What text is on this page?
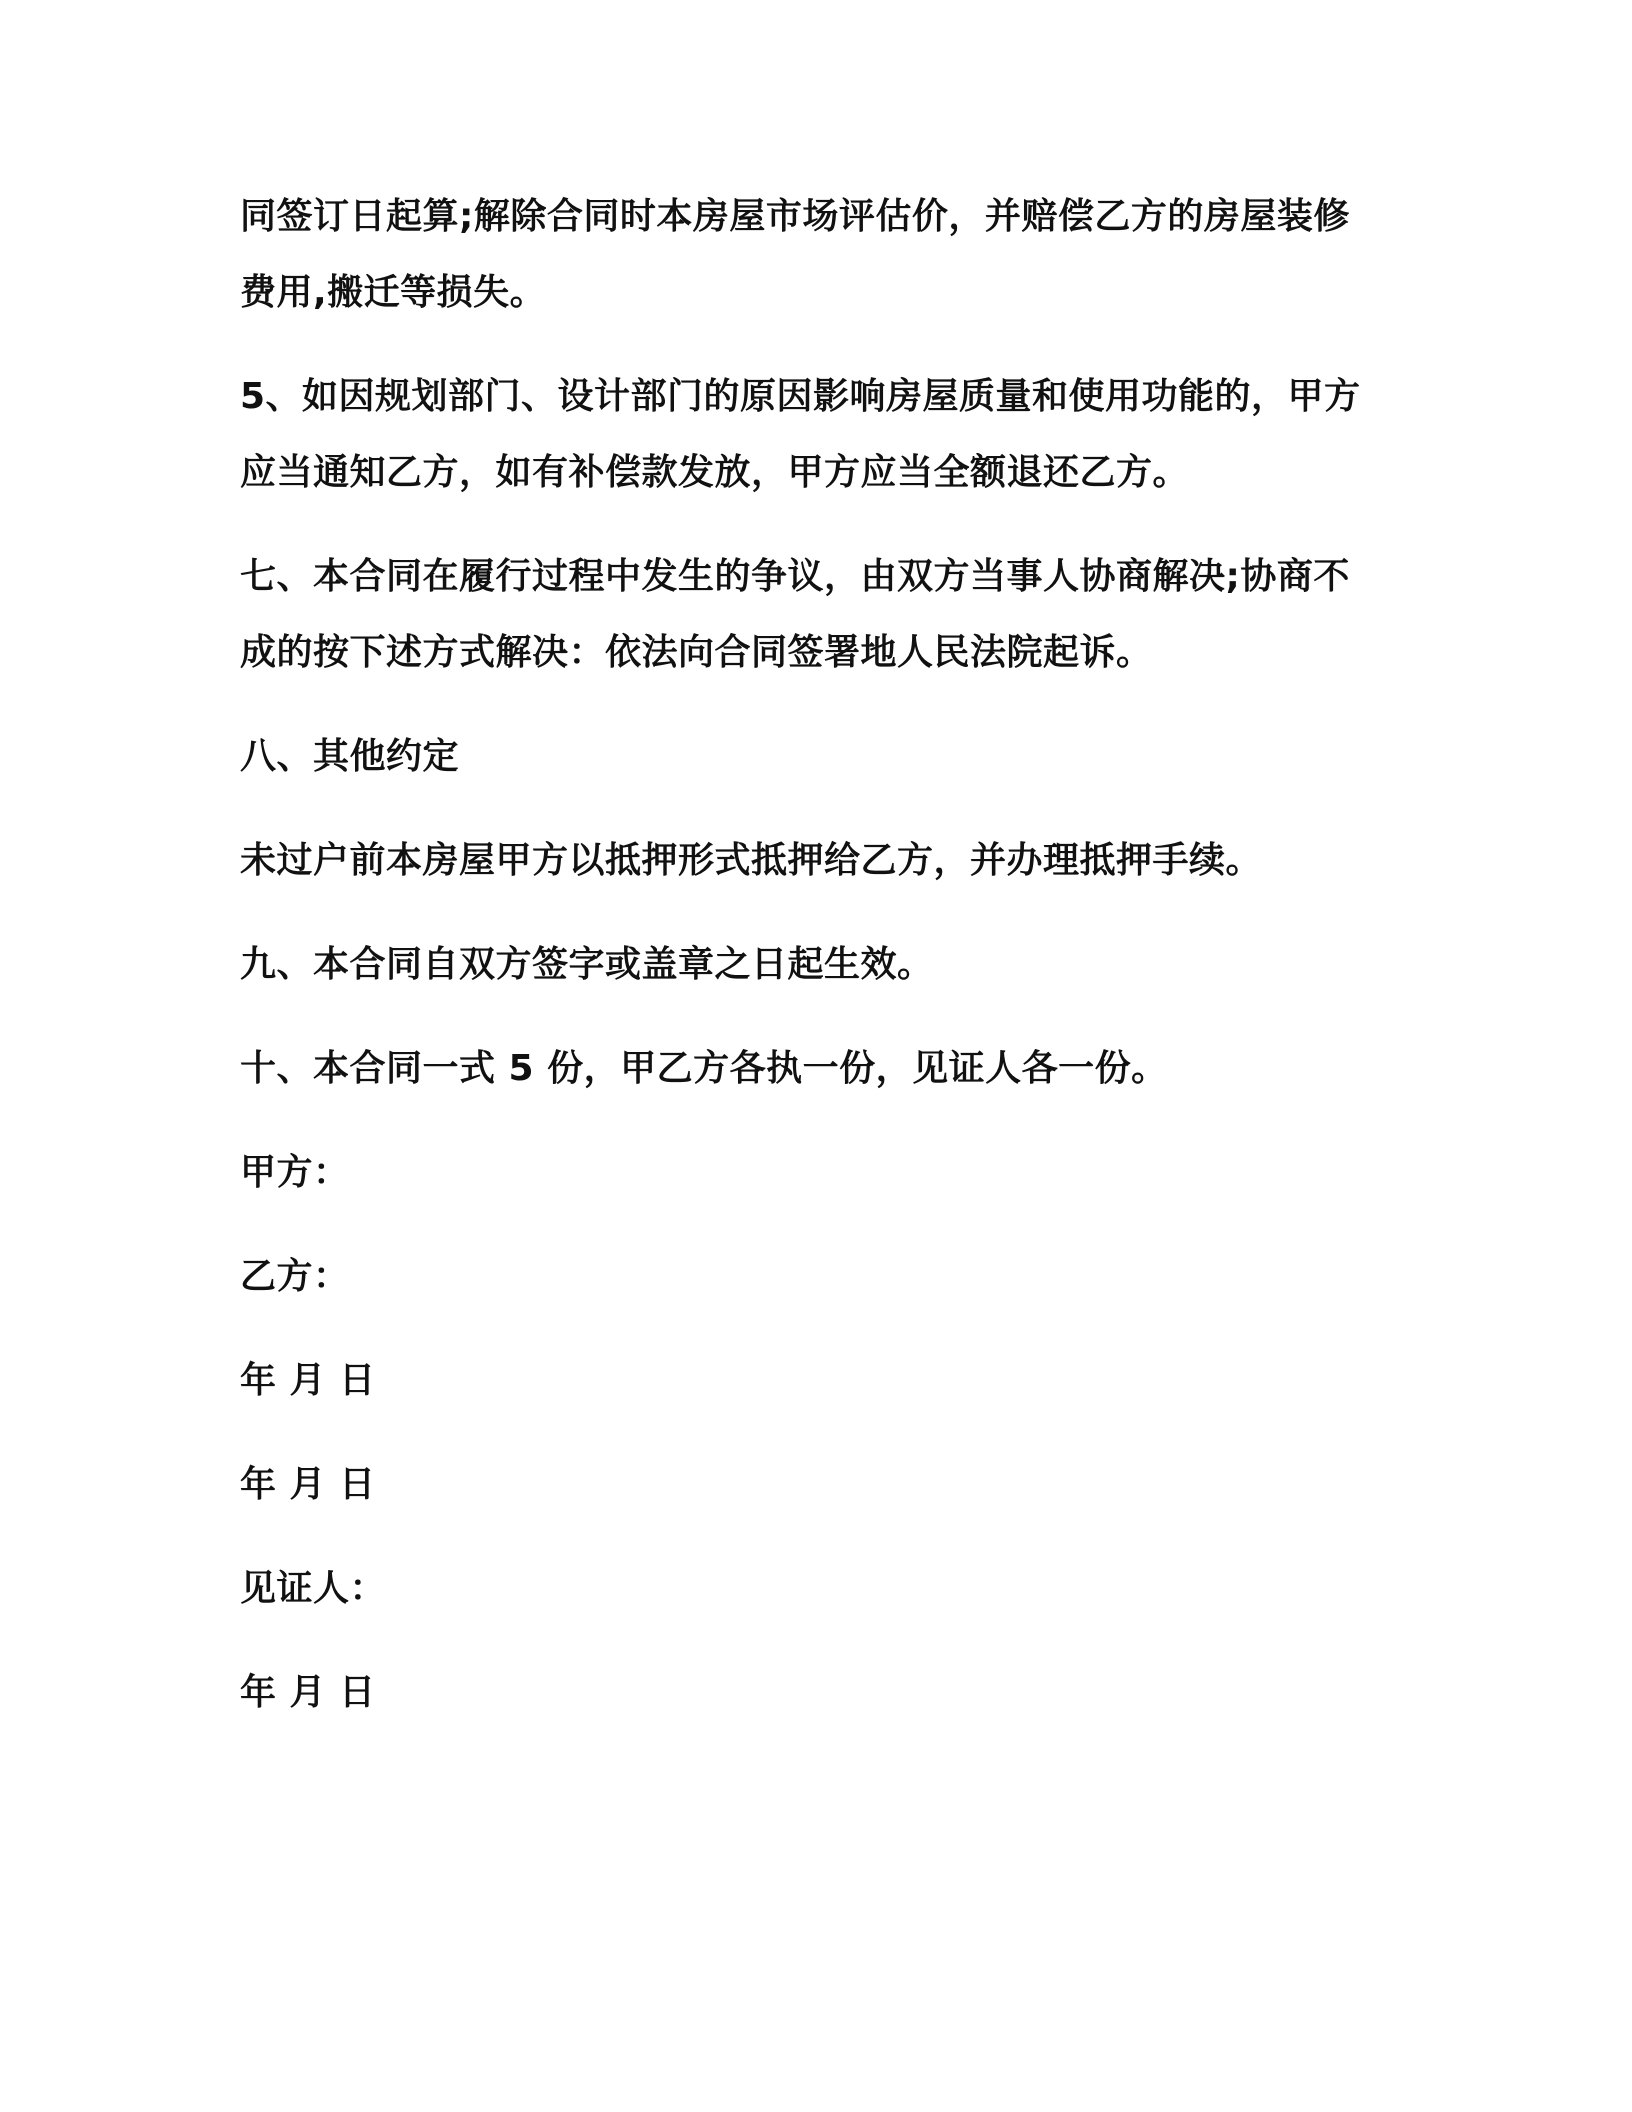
同签订日起算;解除合同时本房屋市场评估价，并赔偿乙方的房屋装修
费用,搬迁等损失。
5、如因规划部门、设计部门的原因影响房屋质量和使用功能的，甲方
应当通知乙方，如有补偿款发放，甲方应当全额退还乙方。
七、本合同在履行过程中发生的争议，由双方当事人协商解决;协商不
成的按下述方式解决：依法向合同签署地人民法院起诉。
八、其他约定
未过户前本房屋甲方以抵押形式抵押给乙方，并办理抵押手续。
九、本合同自双方签字或盖章之日起生效。
十、本合同一式 5 份，甲乙方各执一份，见证人各一份。
甲方：
乙方：
年 月 日
年 月 日
见证人：
年 月 日
